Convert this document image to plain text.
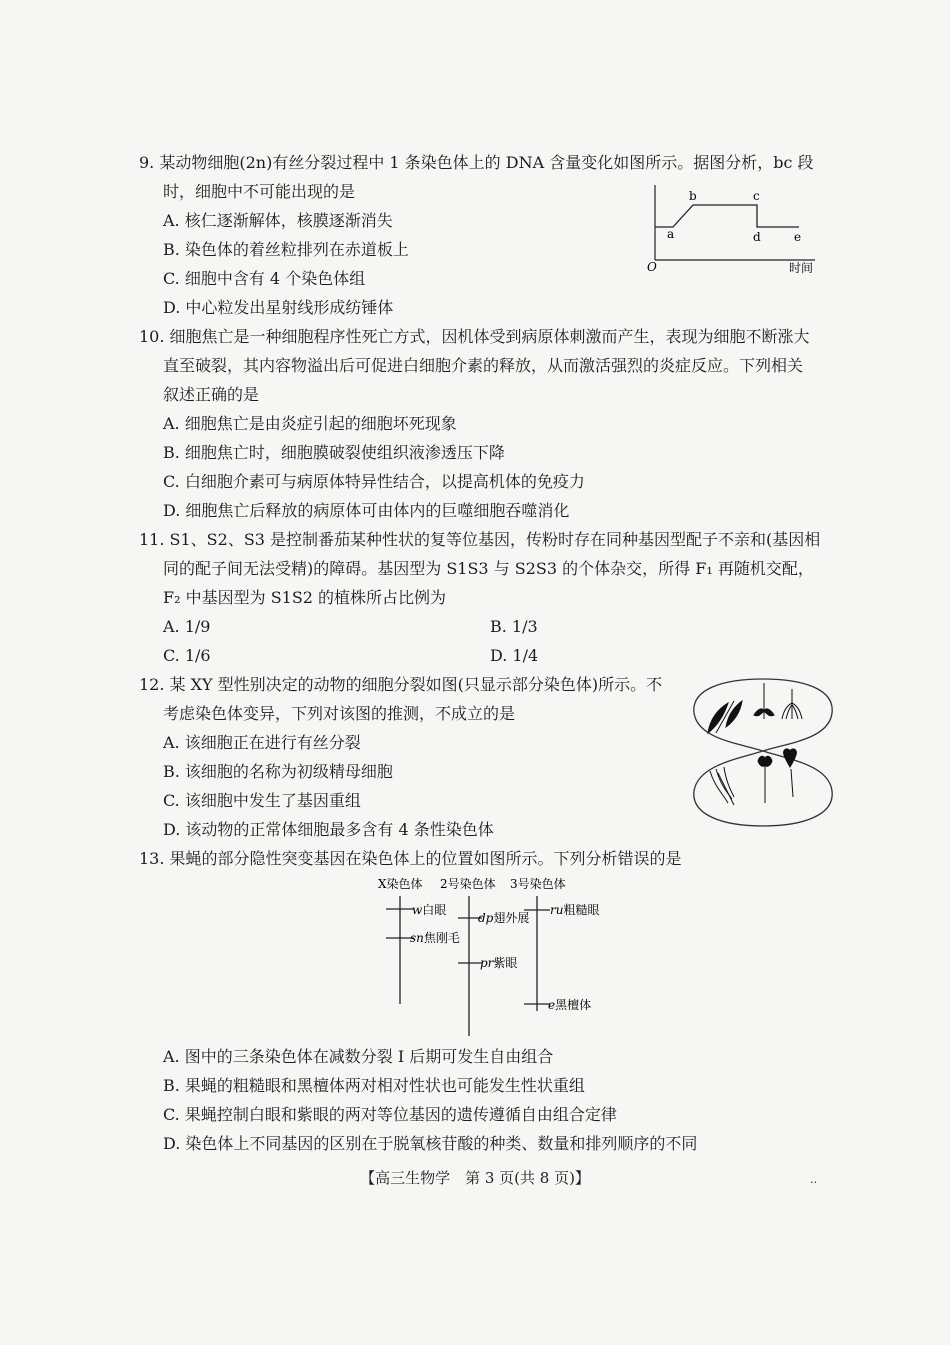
9. 某动物细胞(2n)有丝分裂过程中 1 条染色体上的 DNA 含量变化如图所示。据图分析，bc 段
时，细胞中不可能出现的是
A. 核仁逐渐解体，核膜逐渐消失
B. 染色体的着丝粒排列在赤道板上
C. 细胞中含有 4 个染色体组
D. 中心粒发出星射线形成纺锤体
O	时间
a
b	c
d	e
10. 细胞焦亡是一种细胞程序性死亡方式，因机体受到病原体刺激而产生，表现为细胞不断涨大
直至破裂，其内容物溢出后可促进白细胞介素的释放，从而激活强烈的炎症反应。下列相关
叙述正确的是
A. 细胞焦亡是由炎症引起的细胞坏死现象
B. 细胞焦亡时，细胞膜破裂使组织液渗透压下降
C. 白细胞介素可与病原体特异性结合，以提高机体的免疫力
D. 细胞焦亡后释放的病原体可由体内的巨噬细胞吞噬消化
11. S1、S2、S3 是控制番茄某种性状的复等位基因，传粉时存在同种基因型配子不亲和(基因相
同的配子间无法受精)的障碍。基因型为 S1S3 与 S2S3 的个体杂交，所得 F₁ 再随机交配，
F₂ 中基因型为 S1S2 的植株所占比例为
A. 1/9	B. 1/3
C. 1/6	D. 1/4
12. 某 XY 型性别决定的动物的细胞分裂如图(只显示部分染色体)所示。不
考虑染色体变异，下列对该图的推测，不成立的是
A. 该细胞正在进行有丝分裂
B. 该细胞的名称为初级精母细胞
C. 该细胞中发生了基因重组
D. 该动物的正常体细胞最多含有 4 条性染色体
13. 果蝇的部分隐性突变基因在染色体上的位置如图所示。下列分析错误的是
X染色体 2号染色体 3号染色体
w白眼
sn焦刚毛
dp翅外展
pr紫眼
ru粗糙眼
e黑檀体
A. 图中的三条染色体在减数分裂 Ⅰ 后期可发生自由组合
B. 果蝇的粗糙眼和黑檀体两对相对性状也可能发生性状重组
C. 果蝇控制白眼和紫眼的两对等位基因的遗传遵循自由组合定律
D. 染色体上不同基因的区别在于脱氧核苷酸的种类、数量和排列顺序的不同
【高三生物学　第 3 页(共 8 页)】	··
